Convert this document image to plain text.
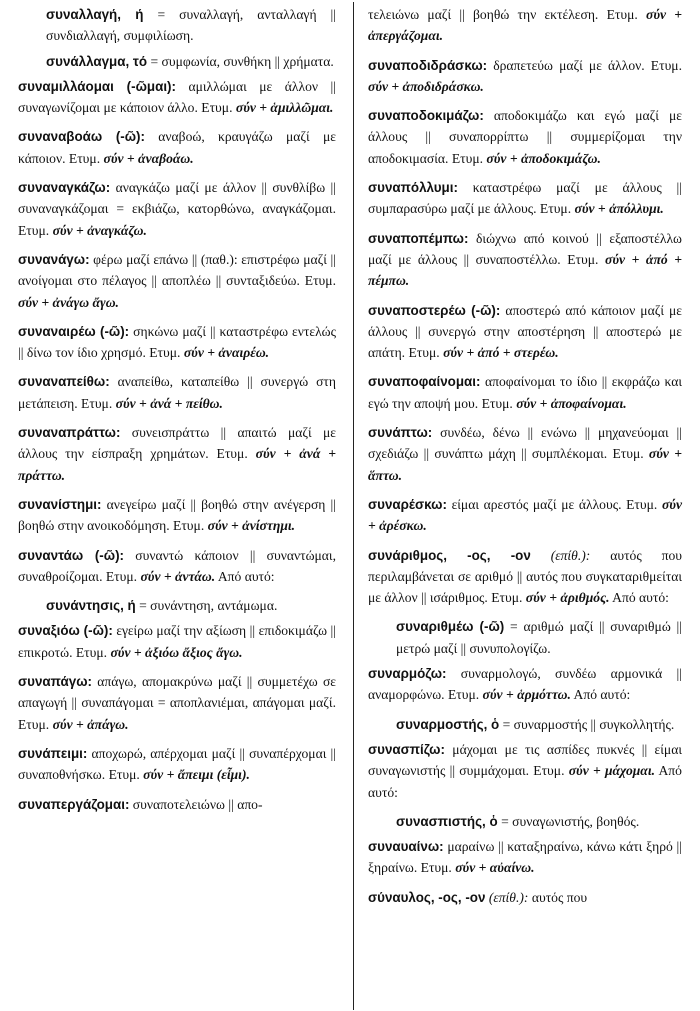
συναλλαγή, ή = συναλλαγή, ανταλλαγή || συνδιαλλαγή, συμφιλίωση.
συνάλλαγμα, τό = συμφωνία, συνθήκη || χρήματα.
συναμιλλάομαι (-ῶμαι): αμιλλώμαι με άλλον || συναγωνίζομαι με κάποιον άλλο. Ετυμ. σύν + ἁμιλλῶμαι.
συναναβοάω (-ῶ): αναβοώ, κραυγάζω μαζί με κάποιον. Ετυμ. σύν + ἀναβοάω.
συναναγκάζω: αναγκάζω μαζί με άλλον || συνθλίβω || συναναγκάζομαι = εκβιάζω, κατορθώνω, αναγκάζομαι. Ετυμ. σύν + ἀναγκάζω.
συνανάγω: φέρω μαζί επάνω || (παθ.): επιστρέφω μαζί || ανοίγομαι στο πέλαγος || αποπλέω || συνταξιδεύω. Ετυμ. σύν + ἀνάγω ἄγω.
συναναιρέω (-ῶ): σηκώνω μαζί || καταστρέφω εντελώς || δίνω τον ίδιο χρησμό. Ετυμ. σύν + ἀναιρέω.
συναναπείθω: αναπείθω, καταπείθω || συνεργώ στη μετάπειση. Ετυμ. σύν + ἀνά + πείθω.
συναναπράττω: συνεισπράττω || απαιτώ μαζί με άλλους την είσπραξη χρημάτων. Ετυμ. σύν + ἀνά + πράττω.
συνανίστημι: ανεγείρω μαζί || βοηθώ στην ανέγερση || βοηθώ στην ανοικοδόμηση. Ετυμ. σύν + ἀνίστημι.
συναντάω (-ῶ): συναντώ κάποιον || συναντώμαι, συναθροίζομαι. Ετυμ. σύν + ἀντάω. Από αυτό:
συνάντησις, ή = συνάντηση, αντάμωμα.
συναξιόω (-ῶ): εγείρω μαζί την αξίωση || επιδοκιμάζω || επικροτώ. Ετυμ. σύν + ἀξιόω ἄξιος ἄγω.
συναπάγω: απάγω, απομακρύνω μαζί || συμμετέχω σε απαγωγή || συναπάγομαι = αποπλανιέμαι, απάγομαι μαζί. Ετυμ. σύν + ἀπάγω.
συνάπειμι: αποχωρώ, απέρχομαι μαζί || συναπέρχομαι || συναποθνήσκω. Ετυμ. σύν + ἄπειμι (εἶμι).
συναπεργάζομαι: συναποτελειώνω || απο-
τελειώνω μαζί || βοηθώ την εκτέλεση. Ετυμ. σύν + ἀπεργάζομαι.
συναποδιδράσκω: δραπετεύω μαζί με άλλον. Ετυμ. σύν + ἀποδιδράσκω.
συναποδοκιμάζω: αποδοκιμάζω και εγώ μαζί με άλλους || συναπορρίπτω || συμμερίζομαι την αποδοκιμασία. Ετυμ. σύν + ἀποδοκιμάζω.
συναπόλλυμι: καταστρέφω μαζί με άλλους || συμπαρασύρω μαζί με άλλους. Ετυμ. σύν + ἀπόλλυμι.
συναποπέμπω: διώχνω από κοινού || εξαποστέλλω μαζί με άλλους || συναποστέλλω. Ετυμ. σύν + ἀπό + πέμπω.
συναποστερέω (-ῶ): αποστερώ από κάποιον μαζί με άλλους || συνεργώ στην αποστέρηση || αποστερώ με απάτη. Ετυμ. σύν + ἀπό + στερέω.
συναποφαίνομαι: αποφαίνομαι το ίδιο || εκφράζω και εγώ την αποψή μου. Ετυμ. σύν + ἀποφαίνομαι.
συνάπτω: συνδέω, δένω || ενώνω || μηχανεύομαι || σχεδιάζω || συνάπτω μάχη || συμπλέκομαι. Ετυμ. σύν + ἅπτω.
συναρέσκω: είμαι αρεστός μαζί με άλλους. Ετυμ. σύν + ἀρέσκω.
συνάριθμος, -ος, -ον (επίθ.): αυτός που περιλαμβάνεται σε αριθμό || αυτός που συγκαταριθμείται με άλλον || ισάριθμος. Ετυμ. σύν + ἀριθμός. Από αυτό:
συναριθμέω (-ῶ) = αριθμώ μαζί || συναριθμώ || μετρώ μαζί || συνυπολογίζω.
συναρμόζω: συναρμολογώ, συνδέω αρμονικά || αναμορφώνω. Ετυμ. σύν + ἁρμόττω. Από αυτό:
συναρμοστής, ὁ = συναρμοστής || συγκολλητής.
συνασπίζω: μάχομαι με τις ασπίδες πυκνές || είμαι συναγωνιστής || συμμάχομαι. Ετυμ. σύν + μάχομαι. Από αυτό:
συνασπιστής, ὁ = συναγωνιστής, βοηθός.
συναυαίνω: μαραίνω || καταξηραίνω, κάνω κάτι ξηρό || ξηραίνω. Ετυμ. σύν + αὐαίνω.
σύναυλος, -ος, -ον (επίθ.): αυτός που
